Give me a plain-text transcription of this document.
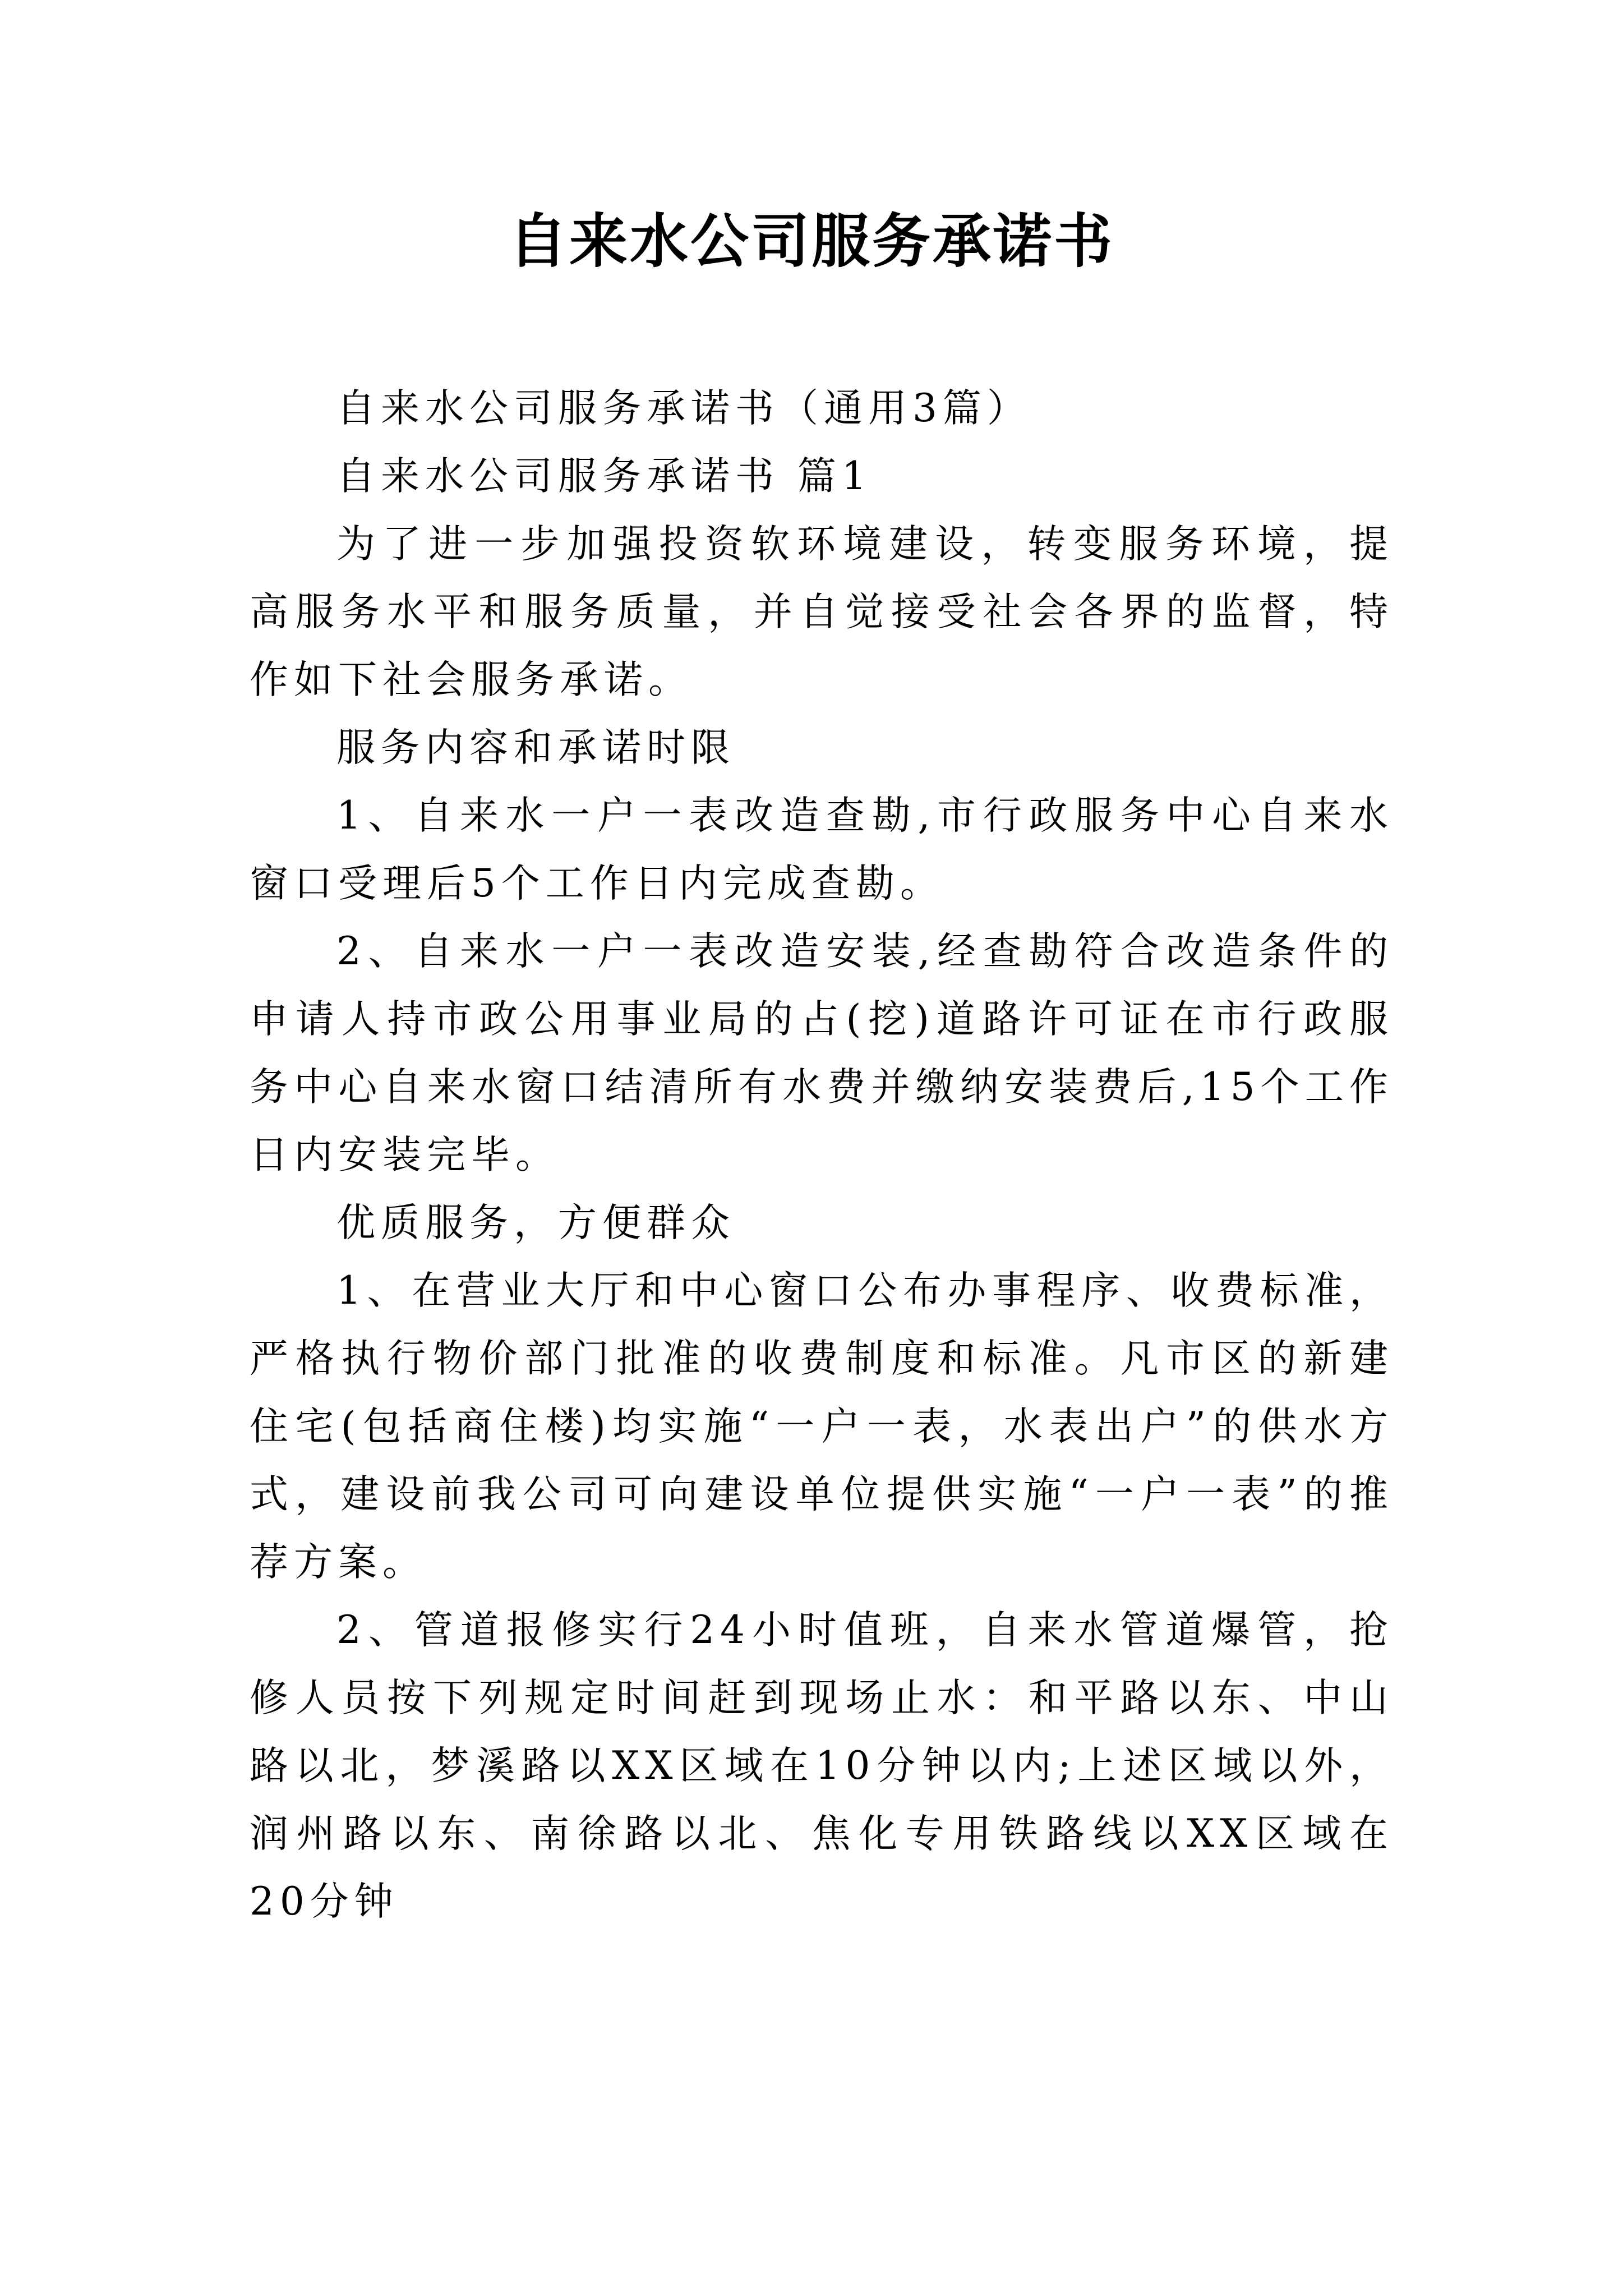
自来水公司服务承诺书

自来水公司服务承诺书（通用3篇）

自来水公司服务承诺书 篇1

为了进一步加强投资软环境建设，转变服务环境，提高服务水平和服务质量，并自觉接受社会各界的监督，特作如下社会服务承诺。

服务内容和承诺时限

1、自来水一户一表改造查勘,市行政服务中心自来水窗口受理后5个工作日内完成查勘。

2、自来水一户一表改造安装,经查勘符合改造条件的申请人持市政公用事业局的占(挖)道路许可证在市行政服务中心自来水窗口结清所有水费并缴纳安装费后,15个工作日内安装完毕。

优质服务，方便群众

1、在营业大厅和中心窗口公布办事程序、收费标准，严格执行物价部门批准的收费制度和标准。凡市区的新建住宅(包括商住楼)均实施“一户一表，水表出户”的供水方式，建设前我公司可向建设单位提供实施“一户一表”的推荐方案。

2、管道报修实行24小时值班，自来水管道爆管，抢修人员按下列规定时间赶到现场止水：和平路以东、中山路以北，梦溪路以XX区域在10分钟以内;上述区域以外，润州路以东、南徐路以北、焦化专用铁路线以XX区域在20分钟
